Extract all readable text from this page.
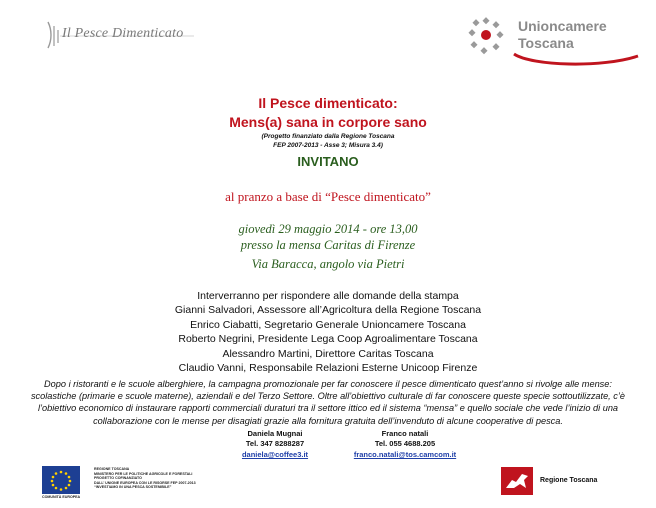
Il Pesce Dimenticato	Unioncamere
Toscana
Il Pesce dimenticato:
Mens(a) sana in corpore sano
(Progetto finanziato dalla Regione Toscana
FEP 2007-2013 - Asse 3; Misura 3.4)
INVITANO
al pranzo a base di “Pesce dimenticato”
giovedì 29 maggio 2014 - ore 13,00
presso la mensa Caritas di Firenze
Via Baracca, angolo via Pietri
Interverranno per rispondere alle domande della stampa
Gianni Salvadori, Assessore all’Agricoltura della Regione Toscana
Enrico Ciabatti, Segretario Generale Unioncamere Toscana
Roberto Negrini, Presidente Lega Coop Agroalimentare Toscana
Alessandro Martini, Direttore Caritas Toscana
Claudio Vanni, Responsabile Relazioni Esterne Unicoop Firenze
Dopo i ristoranti e le scuole alberghiere, la campagna promozionale per far conoscere il pesce dimenticato quest’anno si rivolge alle mense:
scolastiche (primarie e scuole materne), aziendali e del Terzo Settore. Oltre all’obiettivo culturale di far conoscere queste specie sottoutilizzate, c’è
l’obiettivo economico di instaurare rapporti commerciali duraturi tra il settore ittico ed il sistema “mensa” e quello sociale che vede l’inizio di una
collaborazione con le mense per disagiati grazie alla fornitura gratuita dell’invenduto di alcune cooperative di pesca.
Daniela Mugnai
Tel. 347 8288287
daniela@coffee3.it
Franco natali
Tel. 055 4688.205
franco.natali@tos.camcom.it
COMUNITÀ EUROPEA
REGIONE TOSCANA
MINISTERO PER LE POLITICHE AGRICOLE E FORESTALI
PROGETTO COFINANZIATO
DALL’ UNIONE EUROPEA CON LE RISORSE FEP 2007-2013
“INVESTIAMO IN UNA PESCA SOSTENIBILE”
Regione Toscana
